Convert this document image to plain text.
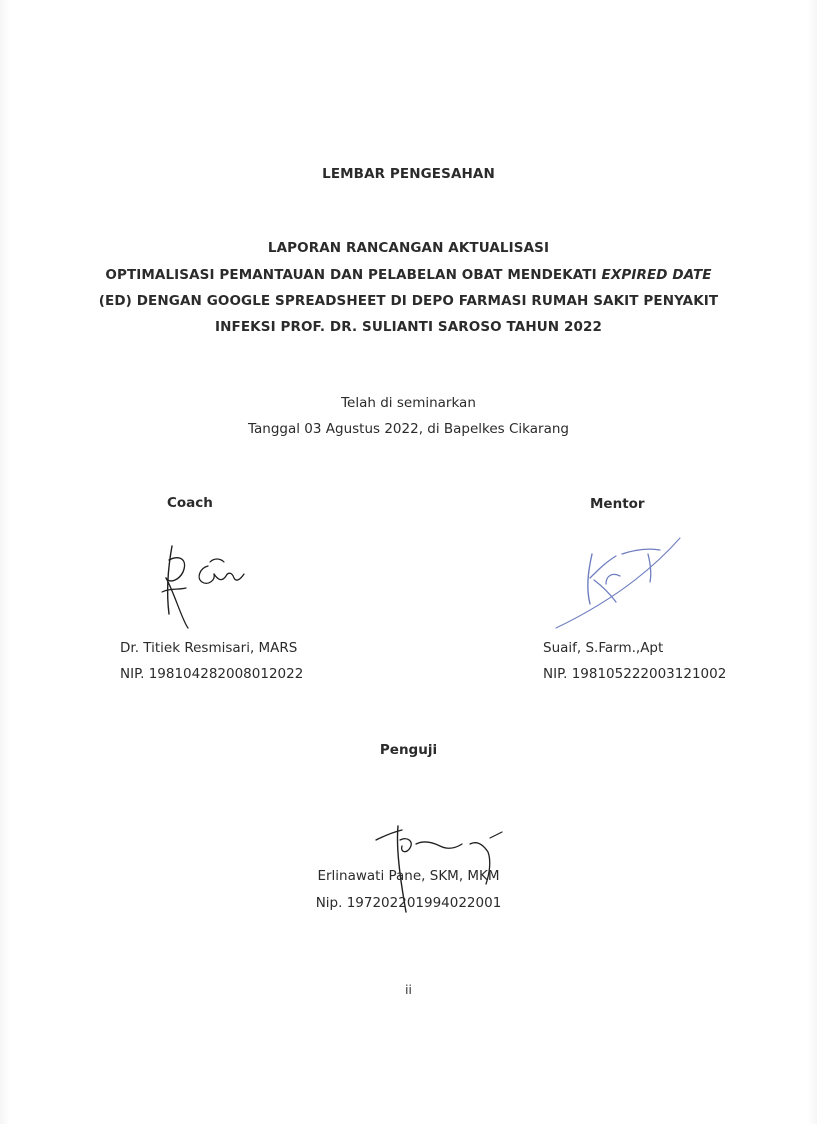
LEMBAR PENGESAHAN
LAPORAN RANCANGAN AKTUALISASI
OPTIMALISASI PEMANTAUAN DAN PELABELAN OBAT MENDEKATI EXPIRED DATE
(ED) DENGAN GOOGLE SPREADSHEET DI DEPO FARMASI RUMAH SAKIT PENYAKIT
INFEKSI PROF. DR. SULIANTI SAROSO TAHUN 2022
Telah di seminarkan
Tanggal 03 Agustus 2022, di Bapelkes Cikarang
Coach
Dr. Titiek Resmisari, MARS
NIP. 198104282008012022
Mentor
Suaif, S.Farm.,Apt
NIP. 198105222003121002
Penguji
Erlinawati Pane, SKM, MKM
Nip. 197202201994022001
ii
